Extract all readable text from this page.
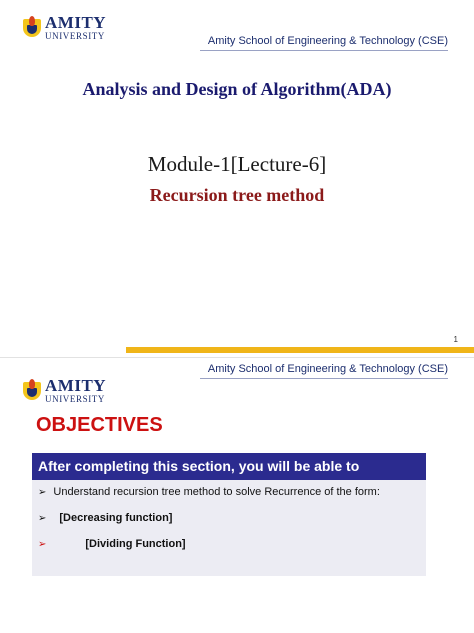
AMITY
UNIVERSITY	Amity School of Engineering & Technology (CSE)
Analysis and Design of Algorithm(ADA)
Module-1[Lecture-6]
Recursion tree method
1
AMITY
UNIVERSITY
Amity School of Engineering & Technology (CSE)
OBJECTIVES
After completing this section, you will be able to
➢ Understand recursion tree method to solve Recurrence of the form:
➢ [Decreasing function]
➢	[Dividing Function]
